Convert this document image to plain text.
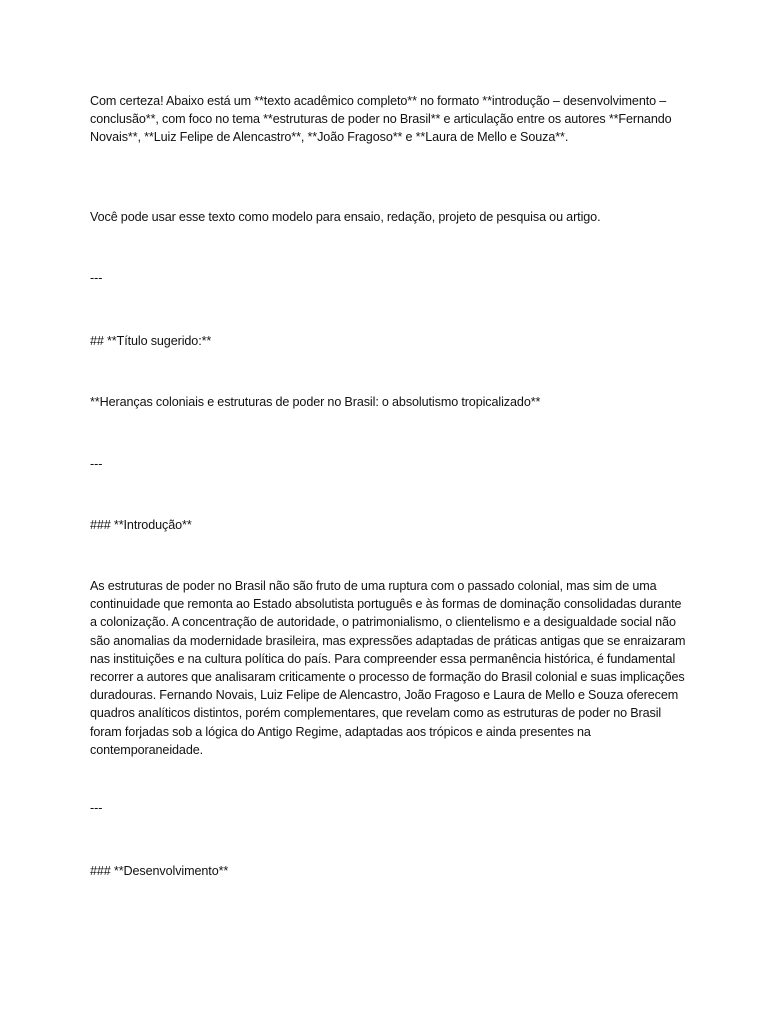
Com certeza! Abaixo está um **texto acadêmico completo** no formato **introdução – desenvolvimento – conclusão**, com foco no tema **estruturas de poder no Brasil** e articulação entre os autores **Fernando Novais**, **Luiz Felipe de Alencastro**, **João Fragoso** e **Laura de Mello e Souza**.
Você pode usar esse texto como modelo para ensaio, redação, projeto de pesquisa ou artigo.
---
## **Título sugerido:**
**Heranças coloniais e estruturas de poder no Brasil: o absolutismo tropicalizado**
---
### **Introdução**
As estruturas de poder no Brasil não são fruto de uma ruptura com o passado colonial, mas sim de uma continuidade que remonta ao Estado absolutista português e às formas de dominação consolidadas durante a colonização. A concentração de autoridade, o patrimonialismo, o clientelismo e a desigualdade social não são anomalias da modernidade brasileira, mas expressões adaptadas de práticas antigas que se enraizaram nas instituições e na cultura política do país. Para compreender essa permanência histórica, é fundamental recorrer a autores que analisaram criticamente o processo de formação do Brasil colonial e suas implicações duradouras. Fernando Novais, Luiz Felipe de Alencastro, João Fragoso e Laura de Mello e Souza oferecem quadros analíticos distintos, porém complementares, que revelam como as estruturas de poder no Brasil foram forjadas sob a lógica do Antigo Regime, adaptadas aos trópicos e ainda presentes na contemporaneidade.
---
### **Desenvolvimento**
